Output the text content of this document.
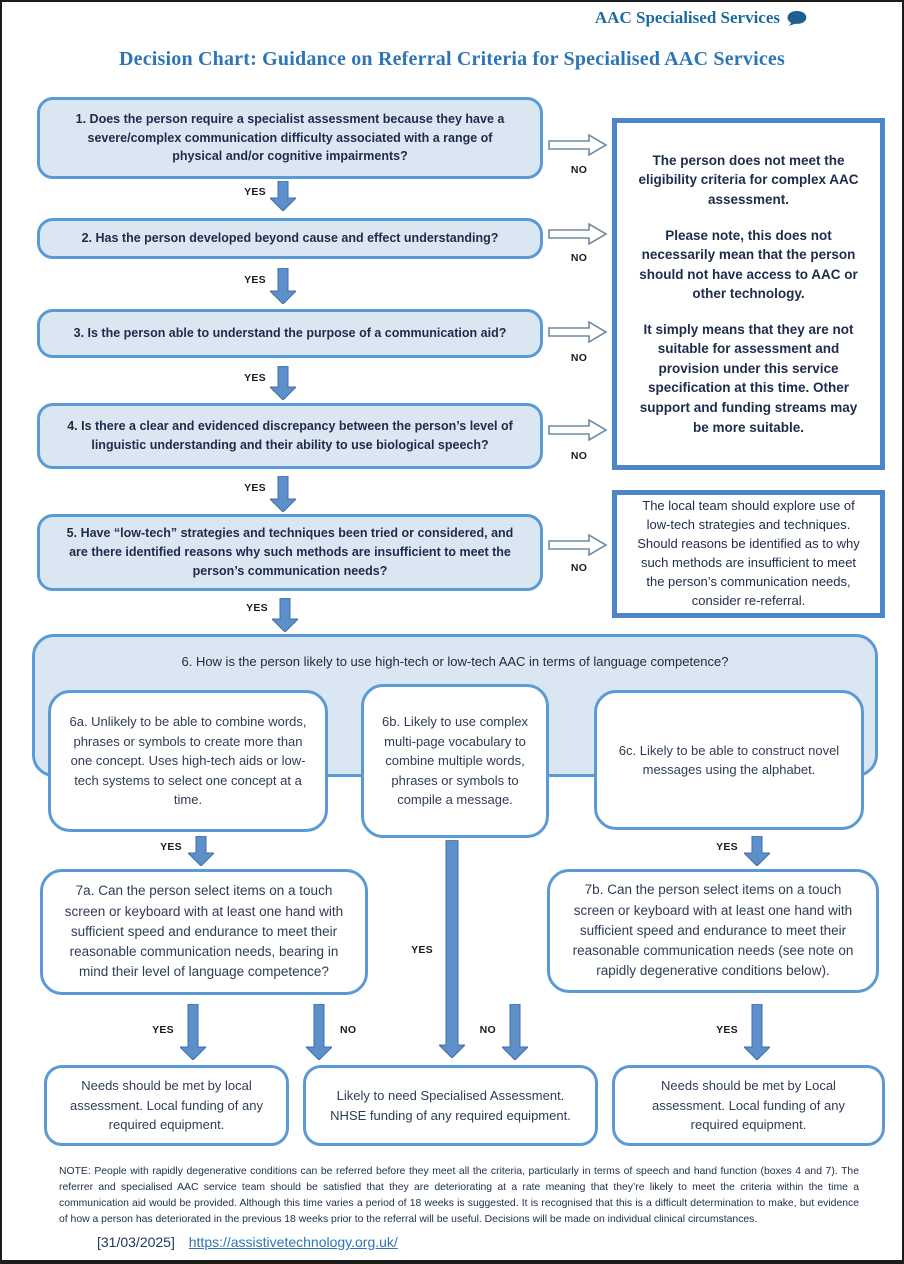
AAC Specialised Services
Decision Chart: Guidance on Referral Criteria for Specialised AAC Services
1. Does the person require a specialist assessment because they have a severe/complex communication difficulty associated with a range of physical and/or cognitive impairments?
2. Has the person developed beyond cause and effect understanding?
3. Is the person able to understand the purpose of a communication aid?
4. Is there a clear and evidenced discrepancy between the person’s level of linguistic understanding and their ability to use biological speech?
5. Have “low-tech” strategies and techniques been tried or considered, and are there identified reasons why such methods are insufficient to meet the person’s communication needs?

The person does not meet the eligibility criteria for complex AAC assessment.

Please note, this does not necessarily mean that the person should not have access to AAC or other technology.

It simply means that they are not suitable for assessment and provision under this service specification at this time. Other support and funding streams may be more suitable.

The local team should explore use of low-tech strategies and techniques. Should reasons be identified as to why such methods are insufficient to meet the person’s communication needs, consider re-referral.
6. How is the person likely to use high-tech or low-tech AAC in terms of language competence?
6a. Unlikely to be able to combine words, phrases or symbols to create more than one concept. Uses high-tech aids or low-tech systems to select one concept at a time.
6b. Likely to use complex multi-page vocabulary to combine multiple words, phrases or symbols to compile a message.
6c. Likely to be able to construct novel messages using the alphabet.
7a. Can the person select items on a touch screen or keyboard with at least one hand with sufficient speed and endurance to meet their reasonable communication needs, bearing in mind their level of language competence?
7b. Can the person select items on a touch screen or keyboard with at least one hand with sufficient speed and endurance to meet their reasonable communication needs (see note on rapidly degenerative conditions below).
Needs should be met by local assessment. Local funding of any required equipment.
Likely to need Specialised Assessment. NHSE funding of any required equipment.
Needs should be met by Local assessment. Local funding of any required equipment.
YES
YES
YES
YES
YES
YES	YES
YES
YES	YES
NO
NO
NO
NO
NO
NO	NO
NOTE: People with rapidly degenerative conditions can be referred before they meet all the criteria, particularly in terms of speech and hand function (boxes 4 and 7). The referrer and specialised AAC service team should be satisfied that they are deteriorating at a rate meaning that they’re likely to meet the criteria within the time a communication aid would be provided. Although this time varies a period of 18 weeks is suggested. It is recognised that this is a difficult determination to make, but evidence of how a person has deteriorated in the previous 18 weeks prior to the referral will be useful. Decisions will be made on individual clinical circumstances.
[31/03/2025] https://assistivetechnology.org.uk/
